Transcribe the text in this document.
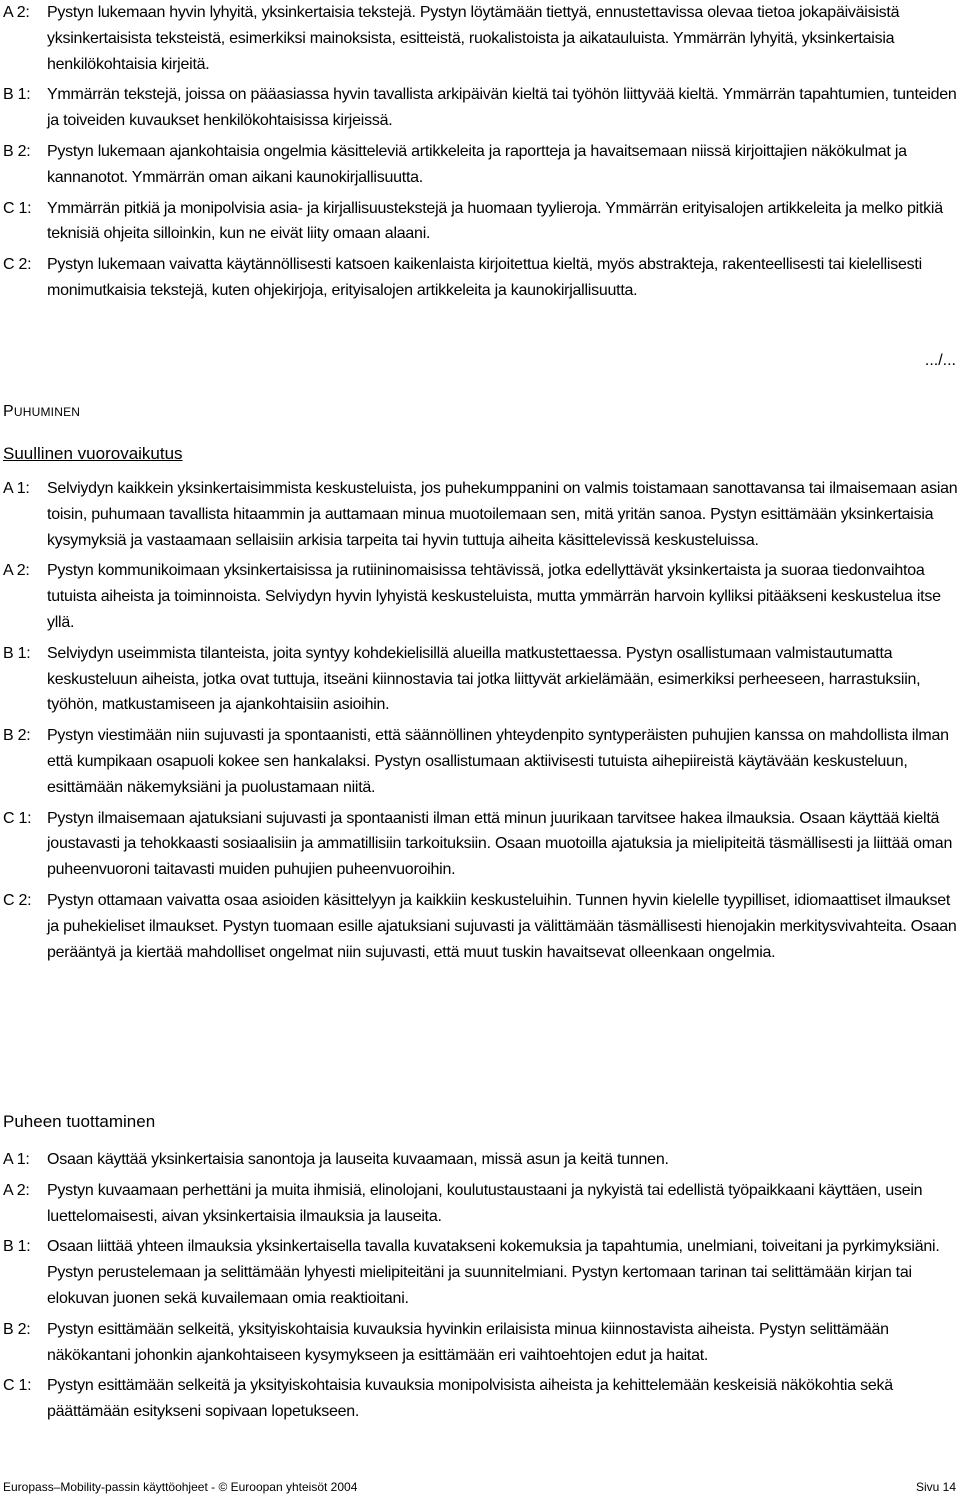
A 2: Pystyn lukemaan hyvin lyhyitä, yksinkertaisia tekstejä. Pystyn löytämään tiettyä, ennustettavissa olevaa tietoa jokapäiväisistä yksinkertaisista teksteistä, esimerkiksi mainoksista, esitteistä, ruokalistoista ja aikatauluista. Ymmärrän lyhyitä, yksinkertaisia henkilökohtaisia kirjeitä.
B 1: Ymmärrän tekstejä, joissa on pääasiassa hyvin tavallista arkipäivän kieltä tai työhön liittyvää kieltä. Ymmärrän tapahtumien, tunteiden ja toiveiden kuvaukset henkilökohtaisissa kirjeissä.
B 2: Pystyn lukemaan ajankohtaisia ongelmia käsitteleviä artikkeleita ja raportteja ja havaitsemaan niissä kirjoittajien näkökulmat ja kannanotot. Ymmärrän oman aikani kaunokirjallisuutta.
C 1: Ymmärrän pitkiä ja monipolvisia asia- ja kirjallisuustekstejä ja huomaan tyylieroja. Ymmärrän erityisalojen artikkeleita ja melko pitkiä teknisiä ohjeita silloinkin, kun ne eivät liity omaan alaani.
C 2: Pystyn lukemaan vaivatta käytännöllisesti katsoen kaikenlaista kirjoitettua kieltä, myös abstrakteja, rakenteellisesti tai kielellisesti monimutkaisia tekstejä, kuten ohjekirjoja, erityisalojen artikkeleita ja kaunokirjallisuutta.
.../...
PUHUMINEN
Suullinen vuorovaikutus
A 1: Selviydyn kaikkein yksinkertaisimmista keskusteluista, jos puhekumppanini on valmis toistamaan sanottavansa tai ilmaisemaan asian toisin, puhumaan tavallista hitaammin ja auttamaan minua muotoilemaan sen, mitä yritän sanoa. Pystyn esittämään yksinkertaisia kysymyksiä ja vastaamaan sellaisiin arkisia tarpeita tai hyvin tuttuja aiheita käsittelevissä keskusteluissa.
A 2: Pystyn kommunikoimaan yksinkertaisissa ja rutiininomaisissa tehtävissä, jotka edellyttävät yksinkertaista ja suoraa tiedonvaihtoa tutuista aiheista ja toiminnoista. Selviydyn hyvin lyhyistä keskusteluista, mutta ymmärrän harvoin kylliksi pitääkseni keskustelua itse yllä.
B 1: Selviydyn useimmista tilanteista, joita syntyy kohdekielisillä alueilla matkustettaessa. Pystyn osallistumaan valmistautumatta keskusteluun aiheista, jotka ovat tuttuja, itseäni kiinnostavia tai jotka liittyvät arkielämään, esimerkiksi perheeseen, harrastuksiin, työhön, matkustamiseen ja ajankohtaisiin asioihin.
B 2: Pystyn viestimään niin sujuvasti ja spontaanisti, että säännöllinen yhteydenpito syntyperäisten puhujien kanssa on mahdollista ilman että kumpikaan osapuoli kokee sen hankalaksi. Pystyn osallistumaan aktiivisesti tutuista aihepiireistä käytävään keskusteluun, esittämään näkemyksiäni ja puolustamaan niitä.
C 1: Pystyn ilmaisemaan ajatuksiani sujuvasti ja spontaanisti ilman että minun juurikaan tarvitsee hakea ilmauksia. Osaan käyttää kieltä joustavasti ja tehokkaasti sosiaalisiin ja ammatillisiin tarkoituksiin. Osaan muotoilla ajatuksia ja mielipiteitä täsmällisesti ja liittää oman puheenvuoroni taitavasti muiden puhujien puheenvuoroihin.
C 2: Pystyn ottamaan vaivatta osaa asioiden käsittelyyn ja kaikkiin keskusteluihin. Tunnen hyvin kielelle tyypilliset, idiomaattiset ilmaukset ja puhekieliset ilmaukset. Pystyn tuomaan esille ajatuksiani sujuvasti ja välittämään täsmällisesti hienojakin merkitysvivahteita. Osaan perääntyä ja kiertää mahdolliset ongelmat niin sujuvasti, että muut tuskin havaitsevat olleenkaan ongelmia.
Puheen tuottaminen
A 1: Osaan käyttää yksinkertaisia sanontoja ja lauseita kuvaamaan, missä asun ja keitä tunnen.
A 2: Pystyn kuvaamaan perhettäni ja muita ihmisiä, elinolojani, koulutustaustaani ja nykyistä tai edellistä työpaikkaani käyttäen, usein luettelomaisesti, aivan yksinkertaisia ilmauksia ja lauseita.
B 1: Osaan liittää yhteen ilmauksia yksinkertaisella tavalla kuvatakseni kokemuksia ja tapahtumia, unelmiani, toiveitani ja pyrkimyksiäni. Pystyn perustelemaan ja selittämään lyhyesti mielipiteitäni ja suunnitelmiani. Pystyn kertomaan tarinan tai selittämään kirjan tai elokuvan juonen sekä kuvailemaan omia reaktioitani.
B 2: Pystyn esittämään selkeitä, yksityiskohtaisia kuvauksia hyvinkin erilaisista minua kiinnostavista aiheista. Pystyn selittämään näkökantani johonkin ajankohtaiseen kysymykseen ja esittämään eri vaihtoehtojen edut ja haitat.
C 1: Pystyn esittämään selkeitä ja yksityiskohtaisia kuvauksia monipolvisista aiheista ja kehittelemään keskeisiä näkökohtia sekä päättämään esitykseni sopivaan lopetukseen.
Europass–Mobility-passin käyttöohjeet - © Euroopan yhteisöt 2004	Sivu 14
